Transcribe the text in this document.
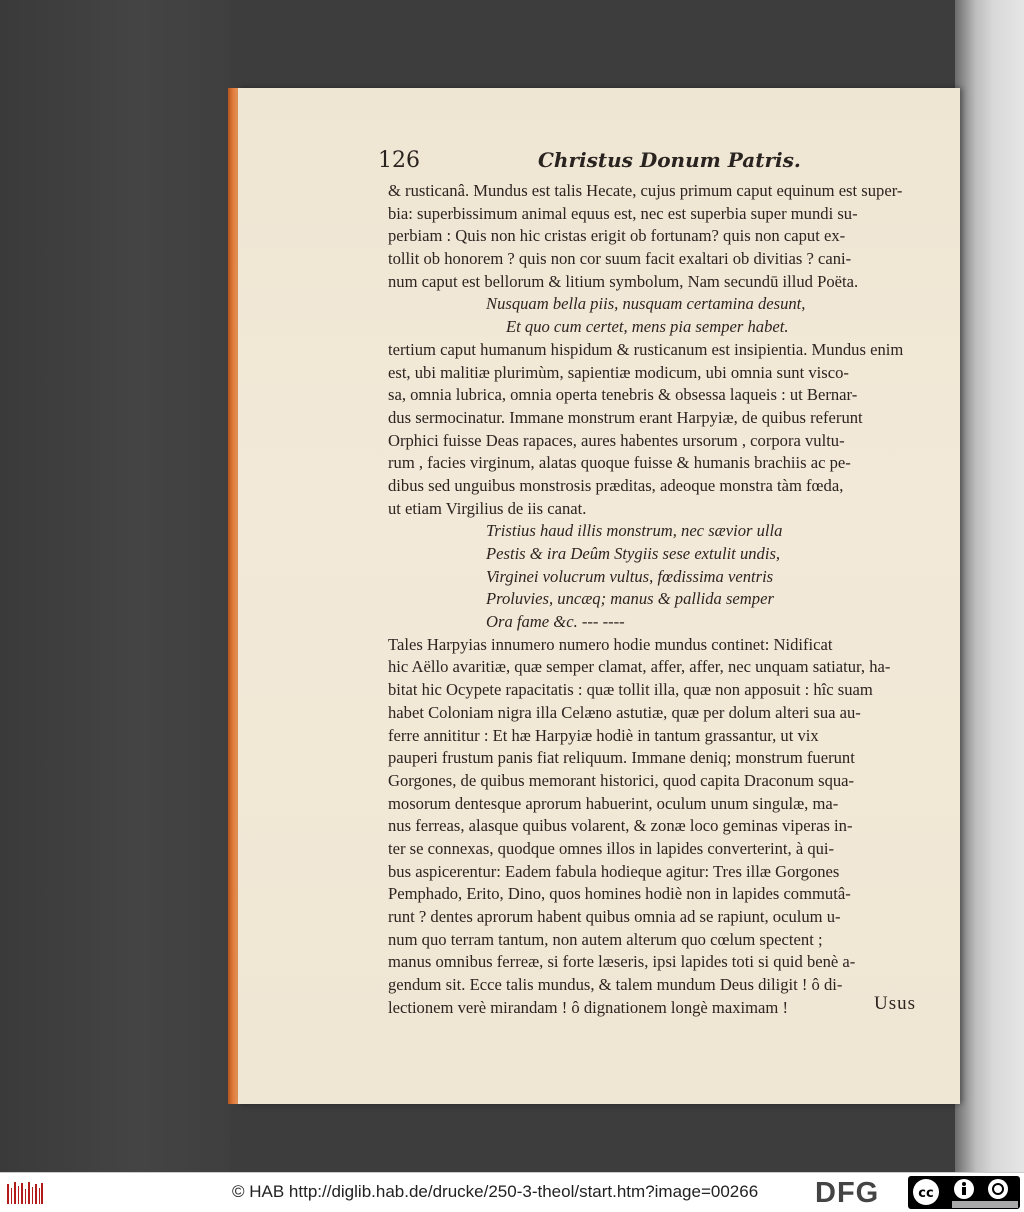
126	Christus Donum Patris.
& rusticanâ. Mundus est talis Hecate, cujus primum caput equinum est super-
bia: superbissimum animal equus est, nec est superbia super mundi su-
perbiam : Quis non hic cristas erigit ob fortunam? quis non caput ex-
tollit ob honorem ? quis non cor suum facit exaltari ob divitias ? cani-
num caput est bellorum & litium symbolum, Nam secundū illud Poëta.
Nusquam bella piis, nusquam certamina desunt,
Et quo cum certet, mens pia semper habet.
tertium caput humanum hispidum & rusticanum est insipientia. Mundus enim
est, ubi malitiæ plurimùm, sapientiæ modicum, ubi omnia sunt visco-
sa, omnia lubrica, omnia operta tenebris & obsessa laqueis : ut Bernar-
dus sermocinatur. Immane monstrum erant Harpyiæ, de quibus referunt
Orphici fuisse Deas rapaces, aures habentes ursorum , corpora vultu-
rum , facies virginum, alatas quoque fuisse & humanis brachiis ac pe-
dibus sed unguibus monstrosis præditas, adeoque monstra tàm fœda,
ut etiam Virgilius de iis canat.
Tristius haud illis monstrum, nec sævior ulla
Pestis & ira Deûm Stygiis sese extulit undis,
Virginei volucrum vultus, fœdissima ventris
Proluvies, uncæq; manus & pallida semper
Ora fame &c. --- ----
Tales Harpyias innumero numero hodie mundus continet: Nidificat
hic Aëllo avaritiæ, quæ semper clamat, affer, affer, nec unquam satiatur, ha-
bitat hic Ocypete rapacitatis : quæ tollit illa, quæ non apposuit : hîc suam
habet Coloniam nigra illa Celæno astutiæ, quæ per dolum alteri sua au-
ferre annititur : Et hæ Harpyiæ hodiè in tantum grassantur, ut vix
pauperi frustum panis fiat reliquum. Immane deniq; monstrum fuerunt
Gorgones, de quibus memorant historici, quod capita Draconum squa-
mosorum dentesque aprorum habuerint, oculum unum singulæ, ma-
nus ferreas, alasque quibus volarent, & zonæ loco geminas viperas in-
ter se connexas, quodque omnes illos in lapides converterint, à qui-
bus aspicerentur: Eadem fabula hodieque agitur: Tres illæ Gorgones
Pemphado, Erito, Dino, quos homines hodiè non in lapides commutâ-
runt ? dentes aprorum habent quibus omnia ad se rapiunt, oculum u-
num quo terram tantum, non autem alterum quo cœlum spectent ;
manus omnibus ferreæ, si forte læseris, ipsi lapides toti si quid benè a-
gendum sit. Ecce talis mundus, & talem mundum Deus diligit ! ô di-
lectionem verè mirandam ! ô dignationem longè maximam !	Usus
© HAB http://diglib.hab.de/drucke/250-3-theol/start.htm?image=00266 DFG	cc
